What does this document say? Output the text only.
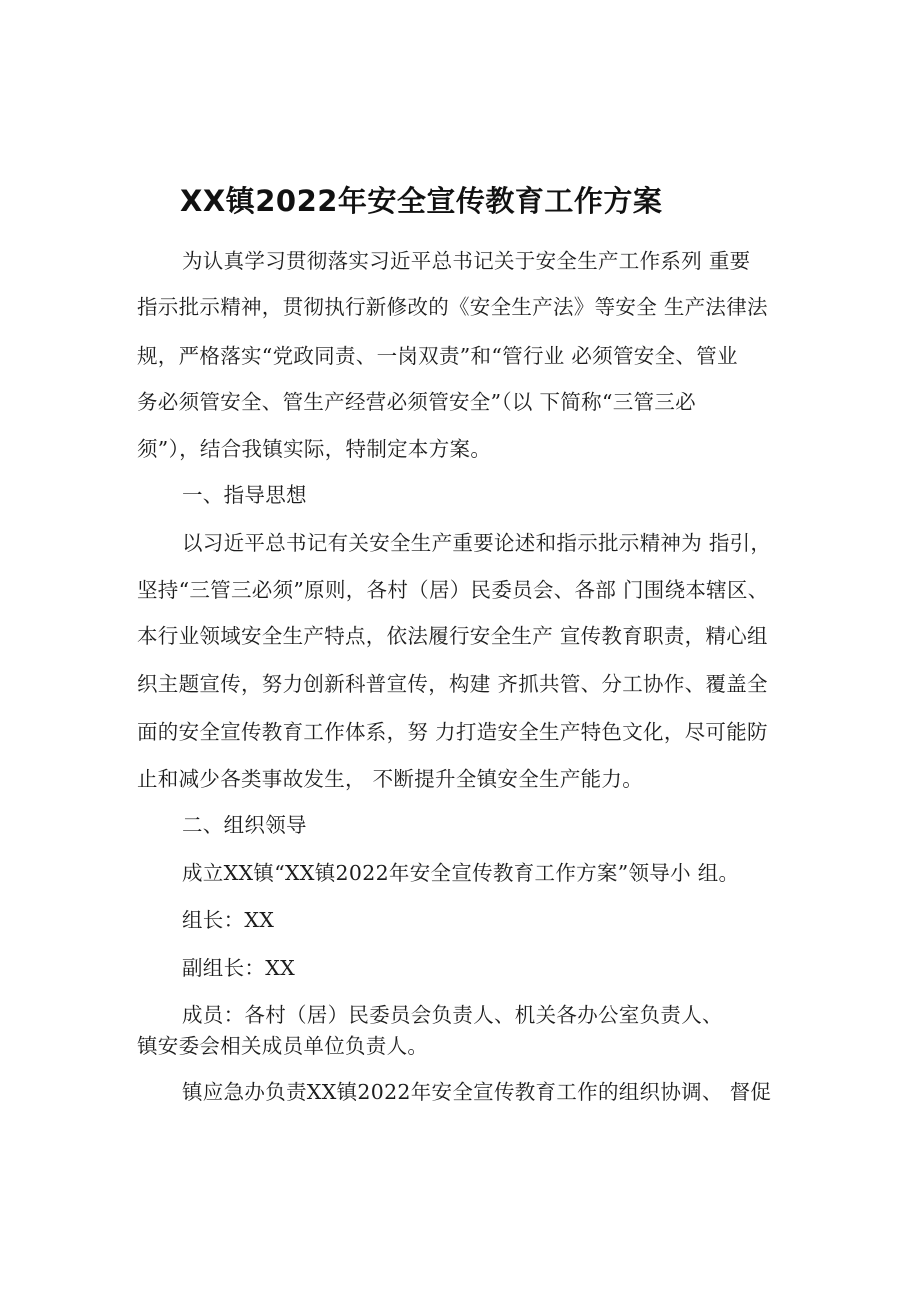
XX镇2022年安全宣传教育工作方案
为认真学习贯彻落实习近平总书记关于安全生产工作系列 重要
指示批示精神，贯彻执行新修改的《安全生产法》等安全 生产法律法
规，严格落实“党政同责、一岗双责”和“管行业 必须管安全、管业
务必须管安全、管生产经营必须管安全”（以 下简称“三管三必
须”），结合我镇实际，特制定本方案。
一、指导思想
以习近平总书记有关安全生产重要论述和指示批示精神为 指引，
坚持“三管三必须”原则，各村（居）民委员会、各部 门围绕本辖区、
本行业领域安全生产特点，依法履行安全生产 宣传教育职责，精心组
织主题宣传，努力创新科普宣传，构建 齐抓共管、分工协作、覆盖全
面的安全宣传教育工作体系，努 力打造安全生产特色文化，尽可能防
止和减少各类事故发生， 不断提升全镇安全生产能力。
二、组织领导
成立XX镇“XX镇2022年安全宣传教育工作方案”领导小 组。
组长：XX
副组长：XX
成员：各村（居）民委员会负责人、机关各办公室负责人、
镇安委会相关成员单位负责人。
镇应急办负责XX镇2022年安全宣传教育工作的组织协调、 督促
